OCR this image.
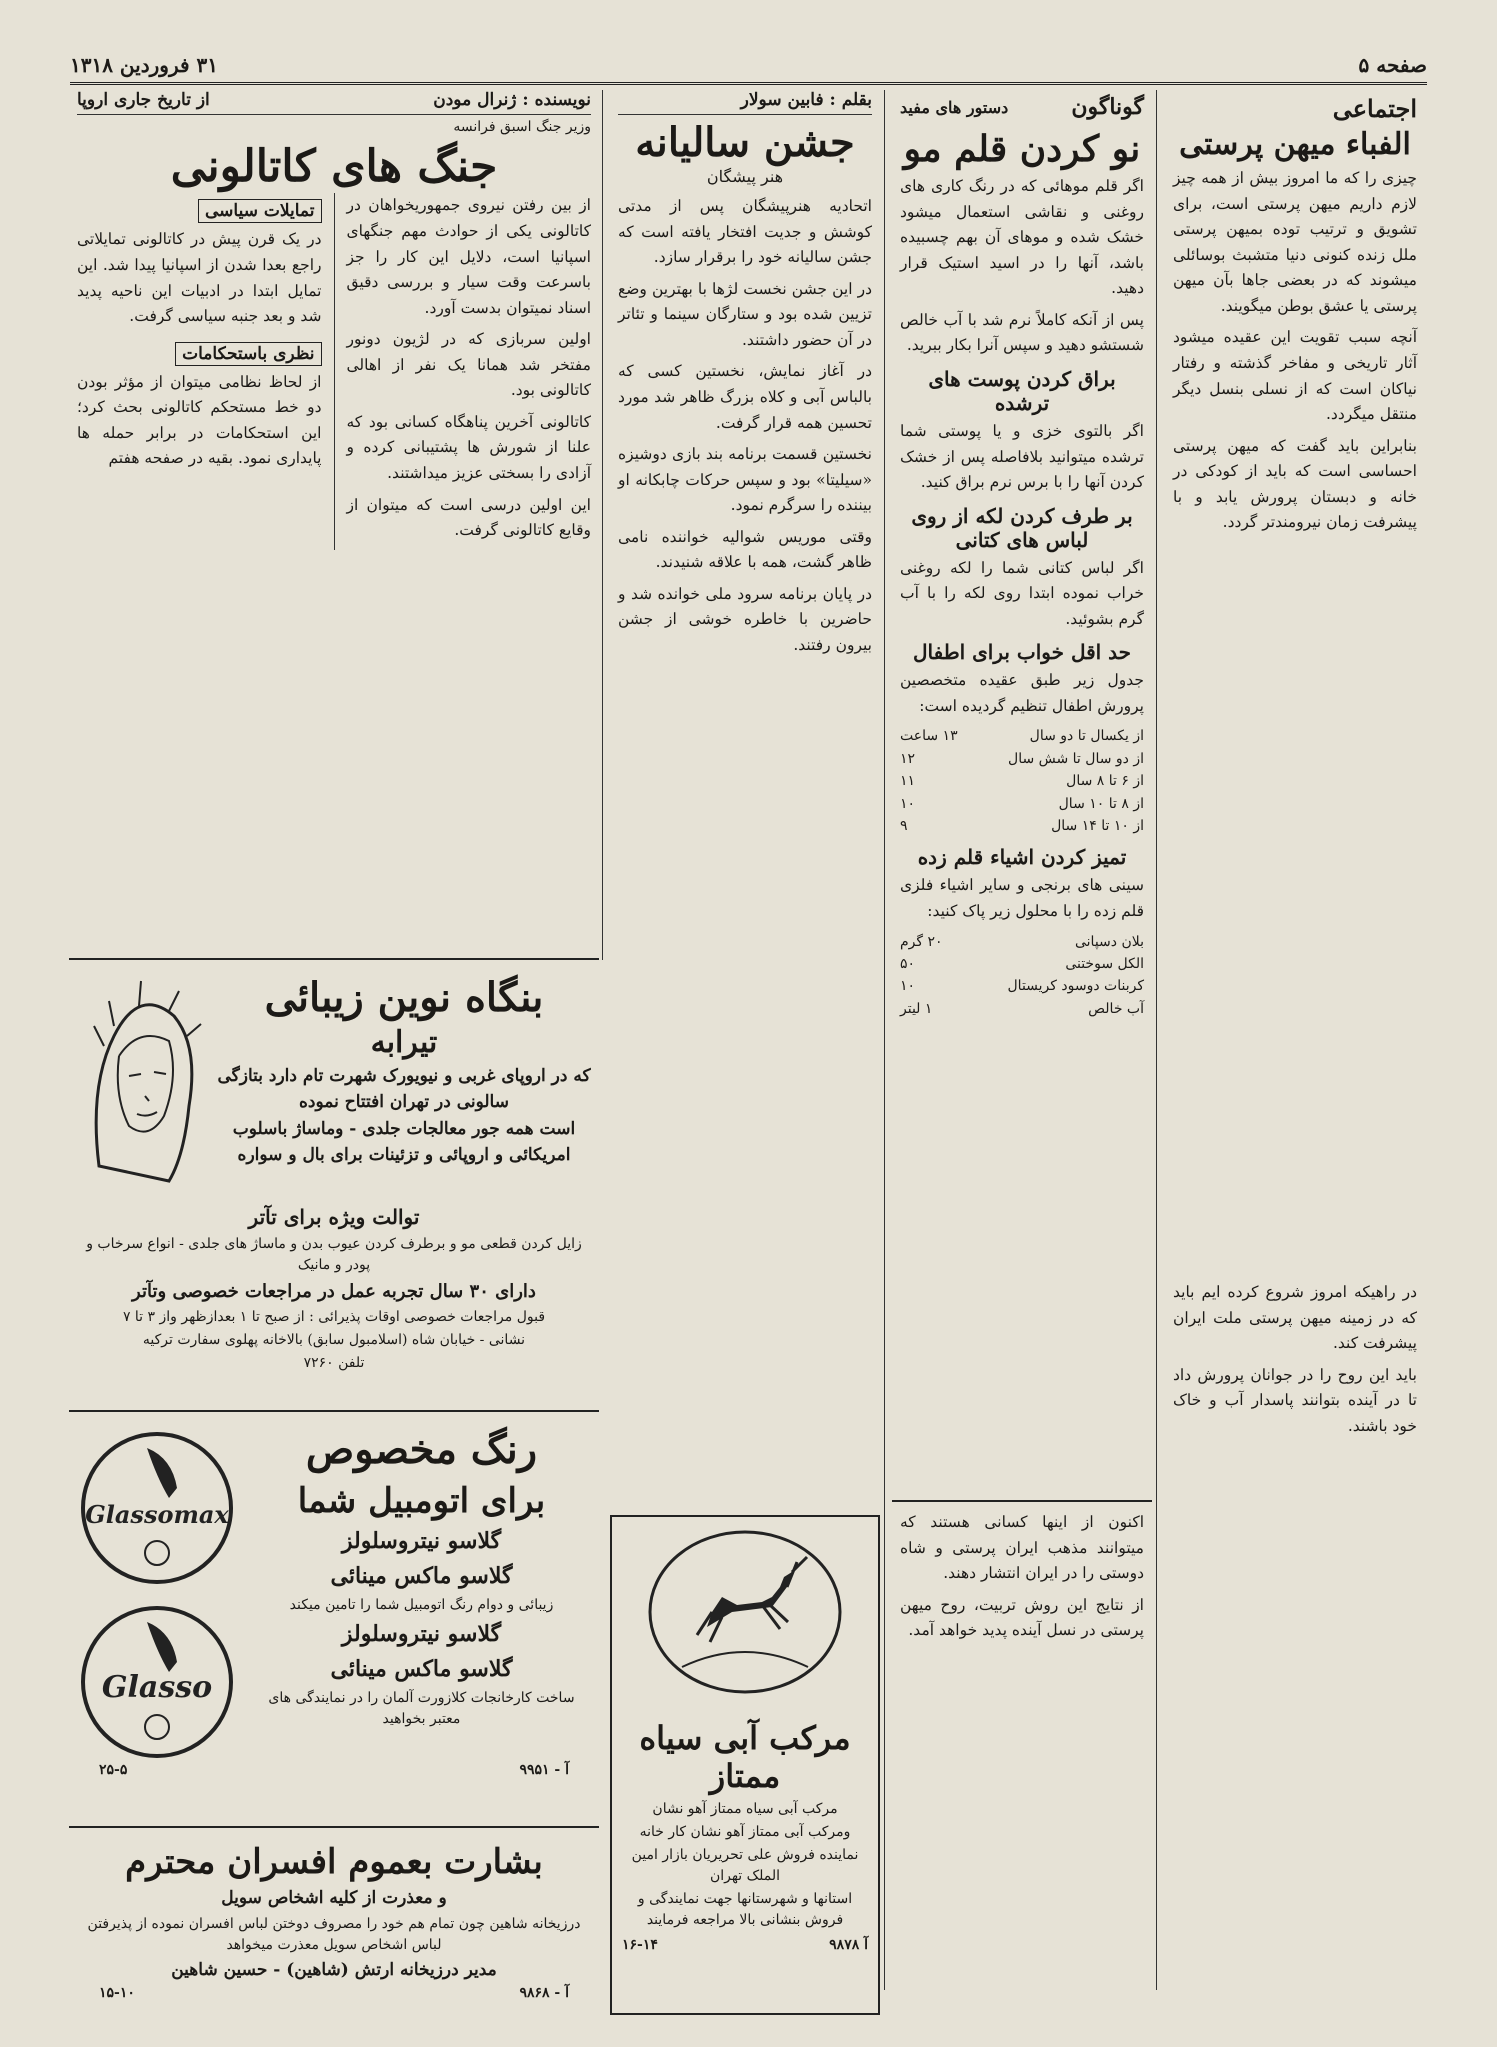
صفحه ۵
۳۱ فروردین ۱۳۱۸
اجتماعی
الفباء میهن پرستی

چیزی را که ما امروز بیش از همه چیز لازم داریم میهن پرستی است، برای تشویق و ترتیب توده بمیهن پرستی ملل زنده کنونی دنیا متشبث بوسائلی میشوند که در بعضی جاها بآن میهن پرستی یا عشق بوطن میگویند.

آنچه سبب تقویت این عقیده میشود آثار تاریخی و مفاخر گذشته و رفتار نیاکان است که از نسلی بنسل دیگر منتقل میگردد.

بنابراین باید گفت که میهن پرستی احساسی است که باید از کودکی در خانه و دبستان پرورش یابد و با پیشرفت زمان نیرومندتر گردد.

در راهیکه امروز شروع کرده ایم باید که در زمینه میهن پرستی ملت ایران پیشرفت کند.

باید این روح را در جوانان پرورش داد تا در آینده بتوانند پاسدار آب و خاک خود باشند.

گوناگون
دستور های مفید
نو کردن قلم مو

اگر قلم موهائی که در رنگ کاری های روغنی و نقاشی استعمال میشود خشک شده و موهای آن بهم چسبیده باشد، آنها را در اسید استیک قرار دهید.

پس از آنکه کاملاً نرم شد با آب خالص شستشو دهید و سپس آنرا بکار ببرید.

براق کردن پوست های ترشده

اگر بالتوی خزی و یا پوستی شما ترشده میتوانید بلافاصله پس از خشک کردن آنها را با برس نرم براق کنید.

بر طرف کردن لکه از روی لباس های کتانی

اگر لباس کتانی شما را لکه روغنی خراب نموده ابتدا روی لکه را با آب گرم بشوئید.

حد اقل خواب برای اطفال

جدول زیر طبق عقیده متخصصین پرورش اطفال تنظیم گردیده است:

از یکسال تا دو سال
۱۳ ساعت
از دو سال تا شش سال
۱۲
از ۶ تا ۸ سال
۱۱
از ۸ تا ۱۰ سال
۱۰
از ۱۰ تا ۱۴ سال
۹
تمیز کردن اشیاء قلم زده

سینی های برنجی و سایر اشیاء فلزی قلم زده را با محلول زیر پاک کنید:

بلان دسپانی
۲۰ گرم
الکل سوختنی
۵۰
کربنات دوسود کریستال
۱۰
آب خالص
۱ لیتر

اکنون از اینها کسانی هستند که میتوانند مذهب ایران پرستی و شاه دوستی را در ایران انتشار دهند.

از نتایج این روش تربیت، روح میهن پرستی در نسل آینده پدید خواهد آمد.

بقلم : فابین سولار
جشن سالیانه
هنر پیشگان

اتحادیه هنرپیشگان پس از مدتی کوشش و جدیت افتخار یافته است که جشن سالیانه خود را برقرار سازد.

در این جشن نخست لژها با بهترین وضع تزیین شده بود و ستارگان سینما و تئاتر در آن حضور داشتند.

در آغاز نمایش، نخستین کسی که بالباس آبی و کلاه بزرگ ظاهر شد مورد تحسین همه قرار گرفت.

نخستین قسمت برنامه بند بازی دوشیزه «سیلیتا» بود و سپس حرکات چابکانه او بیننده را سرگرم نمود.

وقتی موریس شوالیه خواننده نامی ظاهر گشت، همه با علاقه شنیدند.

در پایان برنامه سرود ملی خوانده شد و حاضرین با خاطره خوشی از جشن بیرون رفتند.

مرکب آبی سیاه ممتاز
مرکب آبی سیاه ممتاز آهو نشان
ومرکب آبی ممتاز آهو نشان کار خانه
نماینده فروش علی تحریریان بازار امین الملک تهران
استانها و شهرستانها جهت نمایندگی و فروش بنشانی بالا مراجعه فرمایند
آ ۹۸۷۸
۱۶-۱۴
نویسنده : ژنرال مودن
از تاریخ جاری اروپا
وزیر جنگ اسبق فرانسه
جنگ های کاتالونی

از بین رفتن نیروی جمهوریخواهان در کاتالونی یکی از حوادث مهم جنگهای اسپانیا است، دلایل این کار را جز باسرعت وقت سیار و بررسی دقیق اسناد نمیتوان بدست آورد.

اولین سربازی که در لژیون دونور مفتخر شد همانا یک نفر از اهالی کاتالونی بود.

کاتالونی آخرین پناهگاه کسانی بود که علنا از شورش ها پشتیبانی کرده و آزادی را بسختی عزیز میداشتند.

این اولین درسی است که میتوان از وقایع کاتالونی گرفت.

تمایلات سیاسی

در یک قرن پیش در کاتالونی تمایلاتی راجع بعدا شدن از اسپانیا پیدا شد. این تمایل ابتدا در ادبیات این ناحیه پدید شد و بعد جنبه سیاسی گرفت.

نظری باستحکامات

از لحاظ نظامی میتوان از مؤثر بودن دو خط مستحکم کاتالونی بحث کرد؛ این استحکامات در برابر حمله ها پایداری نمود. بقیه در صفحه هفتم

بنگاه نوین زیبائی
تیرابه
که در اروپای غربی و نیویورک شهرت تام دارد بتازگی سالونی در تهران افتتاح نموده
است همه جور معالجات جلدی - وماساژ باسلوب امریکائی و اروپائی و تزئینات برای بال و سواره
توالت ویژه برای تآتر
زایل کردن قطعی مو و برطرف کردن عیوب بدن و ماساژ های جلدی - انواع سرخاب و پودر و مانیک
دارای ۳۰ سال تجربه عمل در مراجعات خصوصی وتآتر
قبول مراجعات خصوصی اوقات پذیرائی : از صبح تا ۱ بعدازظهر واز ۳ تا ۷
نشانی - خیابان شاه (اسلامبول سابق) بالاخانه پهلوی سفارت ترکیه
تلفن ۷۲۶۰
رنگ مخصوص
برای اتومبیل شما
گلاسو نیتروسلولز
گلاسو ماکس مینائی
زیبائی و دوام رنگ اتومبیل شما را تامین میکند
گلاسو نیتروسلولز
گلاسو ماکس مینائی
ساخت کارخانجات کلازورت آلمان را در نمایندگی های معتبر بخواهید
Glassomax
Glasso
آ - ۹۹۵۱
۲۵-۵
بشارت بعموم افسران محترم
و معذرت از کلیه اشخاص سویل
درزیخانه شاهین چون تمام هم خود را مصروف دوختن لباس افسران نموده از پذیرفتن لباس اشخاص سویل معذرت میخواهد
مدیر درزیخانه ارتش (شاهین) - حسین شاهین
آ - ۹۸۶۸
۱۵-۱۰
